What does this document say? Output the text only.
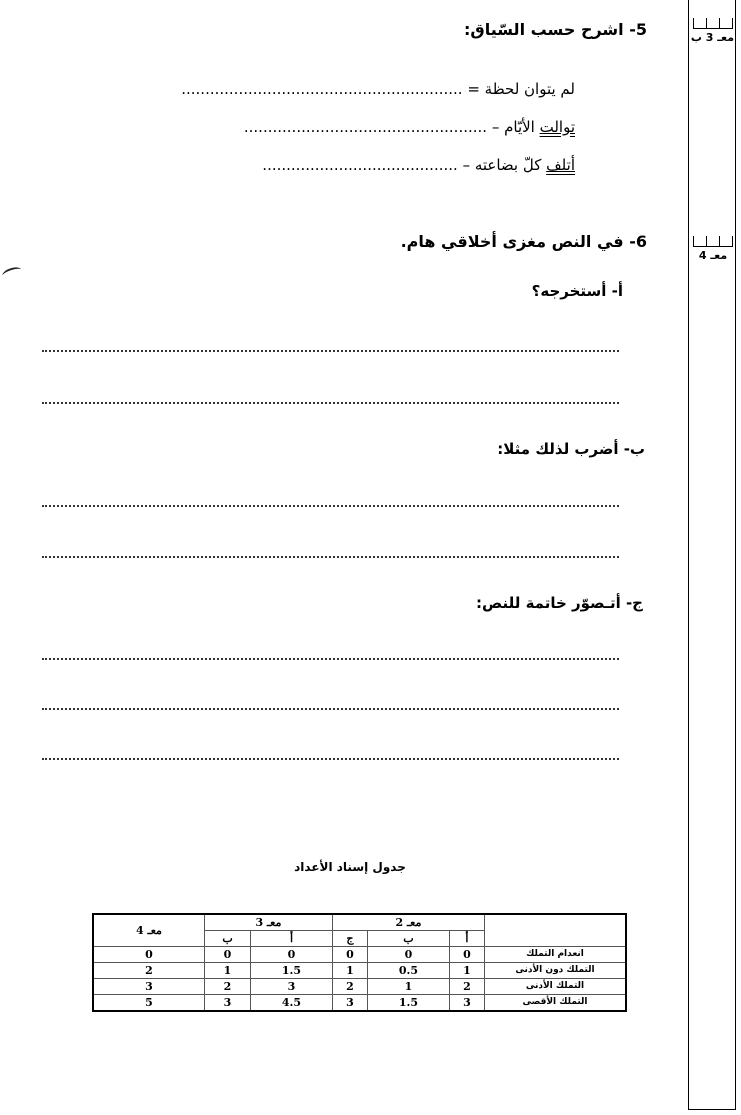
معـ 3 ب
معـ 4
5- اشرح حسب السّياق:
لم يتوان لحظة = ...........................................................
توالت الأيّام – ...................................................
أتلف كلّ بضاعته – .........................................
6- في النص مغزى أخلاقي هام.
أ- أستخرجه؟
ب- أضرب لذلك مثلا:
ج- أتـصوّر خاتمة للنص:
جدول إسناد الأعداد
	معـ 2			معـ 3		معـ 4
	أ	ب	ج	أ	ب	
انعدام التملك	0	0	0	0	0	0
التملك دون الأدنى	1	0.5	1	1.5	1	2
التملك الأدنى	2	1	2	3	2	3
التملك الأقصى	3	1.5	3	4.5	3	5
